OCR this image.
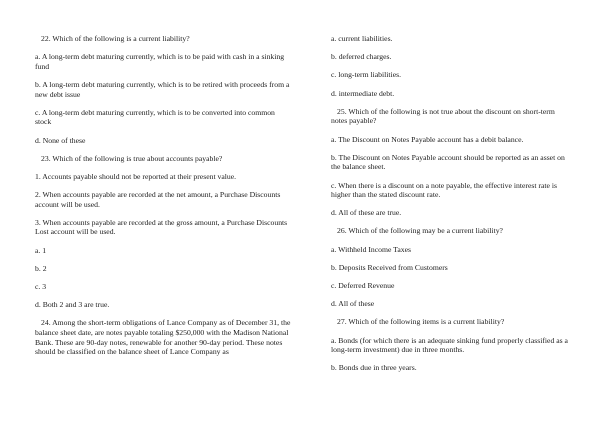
22. Which of the following is a current liability?

a. A long-term debt maturing currently, which is to be paid with cash in a sinking fund

b. A long-term debt maturing currently, which is to be retired with proceeds from a new debt issue

c. A long-term debt maturing currently, which is to be converted into common stock

d. None of these

23. Which of the following is true about accounts payable?

1. Accounts payable should not be reported at their present value.

2. When accounts payable are recorded at the net amount, a Purchase Discounts account will be used.

3. When accounts payable are recorded at the gross amount, a Purchase Discounts Lost account will be used.

a. 1

b. 2

c. 3

d. Both 2 and 3 are true.

24. Among the short-term obligations of Lance Company as of December 31, the balance sheet date, are notes payable totaling $250,000 with the Madison National Bank. These are 90-day notes, renewable for another 90-day period. These notes should be classified on the balance sheet of Lance Company as

a. current liabilities.

b. deferred charges.

c. long-term liabilities.

d. intermediate debt.

25. Which of the following is not true about the discount on short-term notes payable?

a. The Discount on Notes Payable account has a debit balance.

b. The Discount on Notes Payable account should be reported as an asset on the balance sheet.

c. When there is a discount on a note payable, the effective interest rate is higher than the stated discount rate.

d. All of these are true.

26. Which of the following may be a current liability?

a. Withheld Income Taxes

b. Deposits Received from Customers

c. Deferred Revenue

d. All of these

27. Which of the following items is a current liability?

a. Bonds (for which there is an adequate sinking fund properly classified as a long-term investment) due in three months.

b. Bonds due in three years.
